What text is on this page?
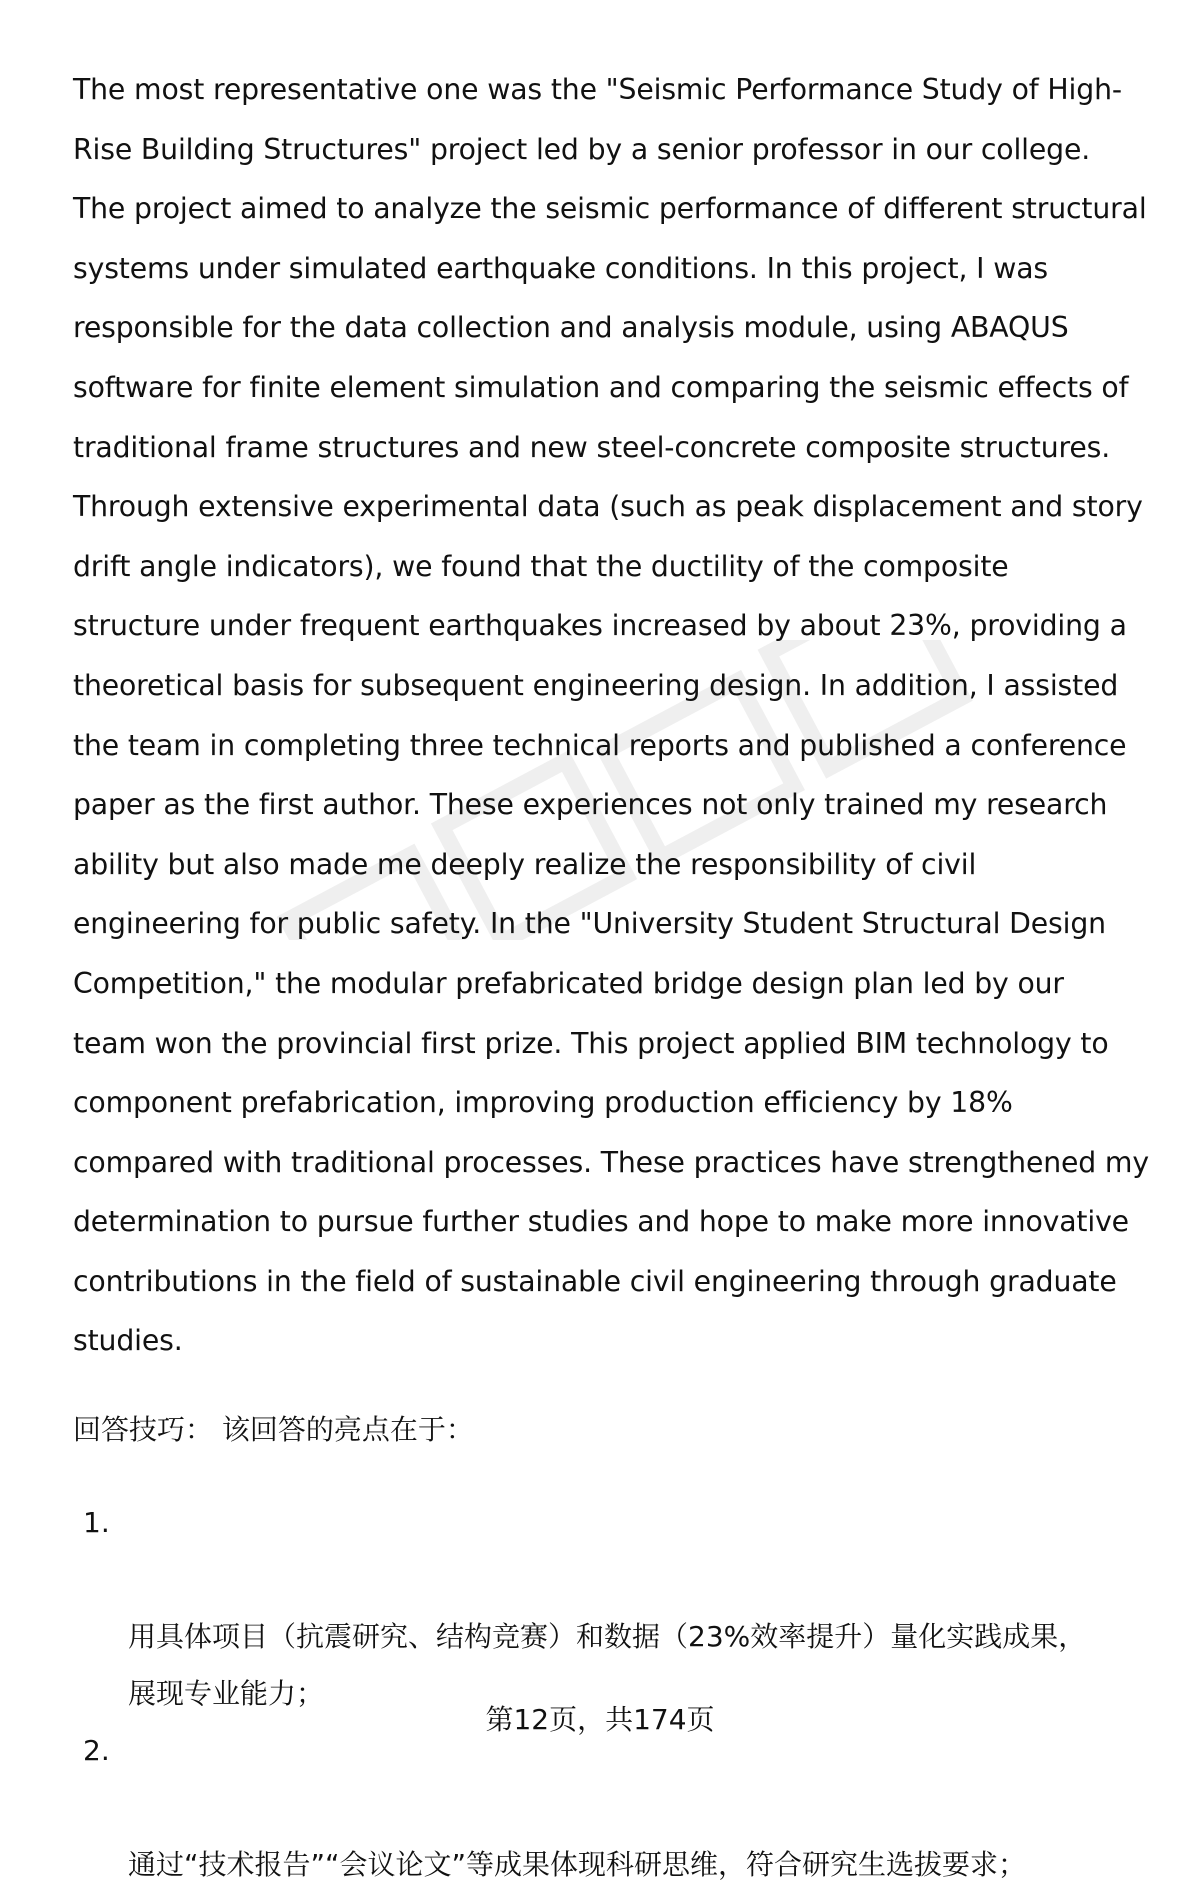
The most representative one was the "Seismic Performance Study of High-
Rise Building Structures" project led by a senior professor in our college.
The project aimed to analyze the seismic performance of different structural
systems under simulated earthquake conditions. In this project, I was
responsible for the data collection and analysis module, using ABAQUS
software for finite element simulation and comparing the seismic effects of
traditional frame structures and new steel-concrete composite structures.
Through extensive experimental data (such as peak displacement and story
drift angle indicators), we found that the ductility of the composite
structure under frequent earthquakes increased by about 23%, providing a
theoretical basis for subsequent engineering design. In addition, I assisted
the team in completing three technical reports and published a conference
paper as the first author. These experiences not only trained my research
ability but also made me deeply realize the responsibility of civil
engineering for public safety. In the "University Student Structural Design
Competition," the modular prefabricated bridge design plan led by our
team won the provincial first prize. This project applied BIM technology to
component prefabrication, improving production efficiency by 18%
compared with traditional processes. These practices have strengthened my
determination to pursue further studies and hope to make more innovative
contributions in the field of sustainable civil engineering through graduate
studies.
回答技巧： 该回答的亮点在于：

1.

用具体项目（抗震研究、结构竞赛）和数据（23%效率提升）量化实践成果，
展现专业能力；

2.

通过“技术报告”“会议论文”等成果体现科研思维，符合研究生选拔要求；

第12页，共174页
